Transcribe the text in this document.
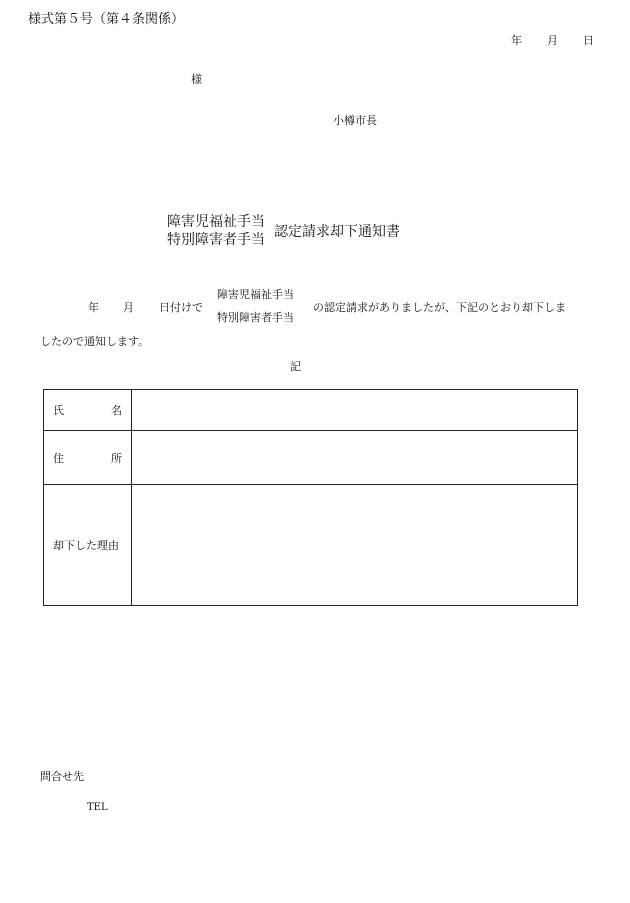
様式第５号（第４条関係）
年 月 日
様
小樽市長
障害児福祉手当
特別障害者手当 認定請求却下通知書
年 月 日付けで
障害児福祉手当
特別障害者手当
の認定請求がありましたが、下記のとおり却下しま
したので通知します。
記
氏 名	

住 所	

却下した理由	

問合せ先
TEL
